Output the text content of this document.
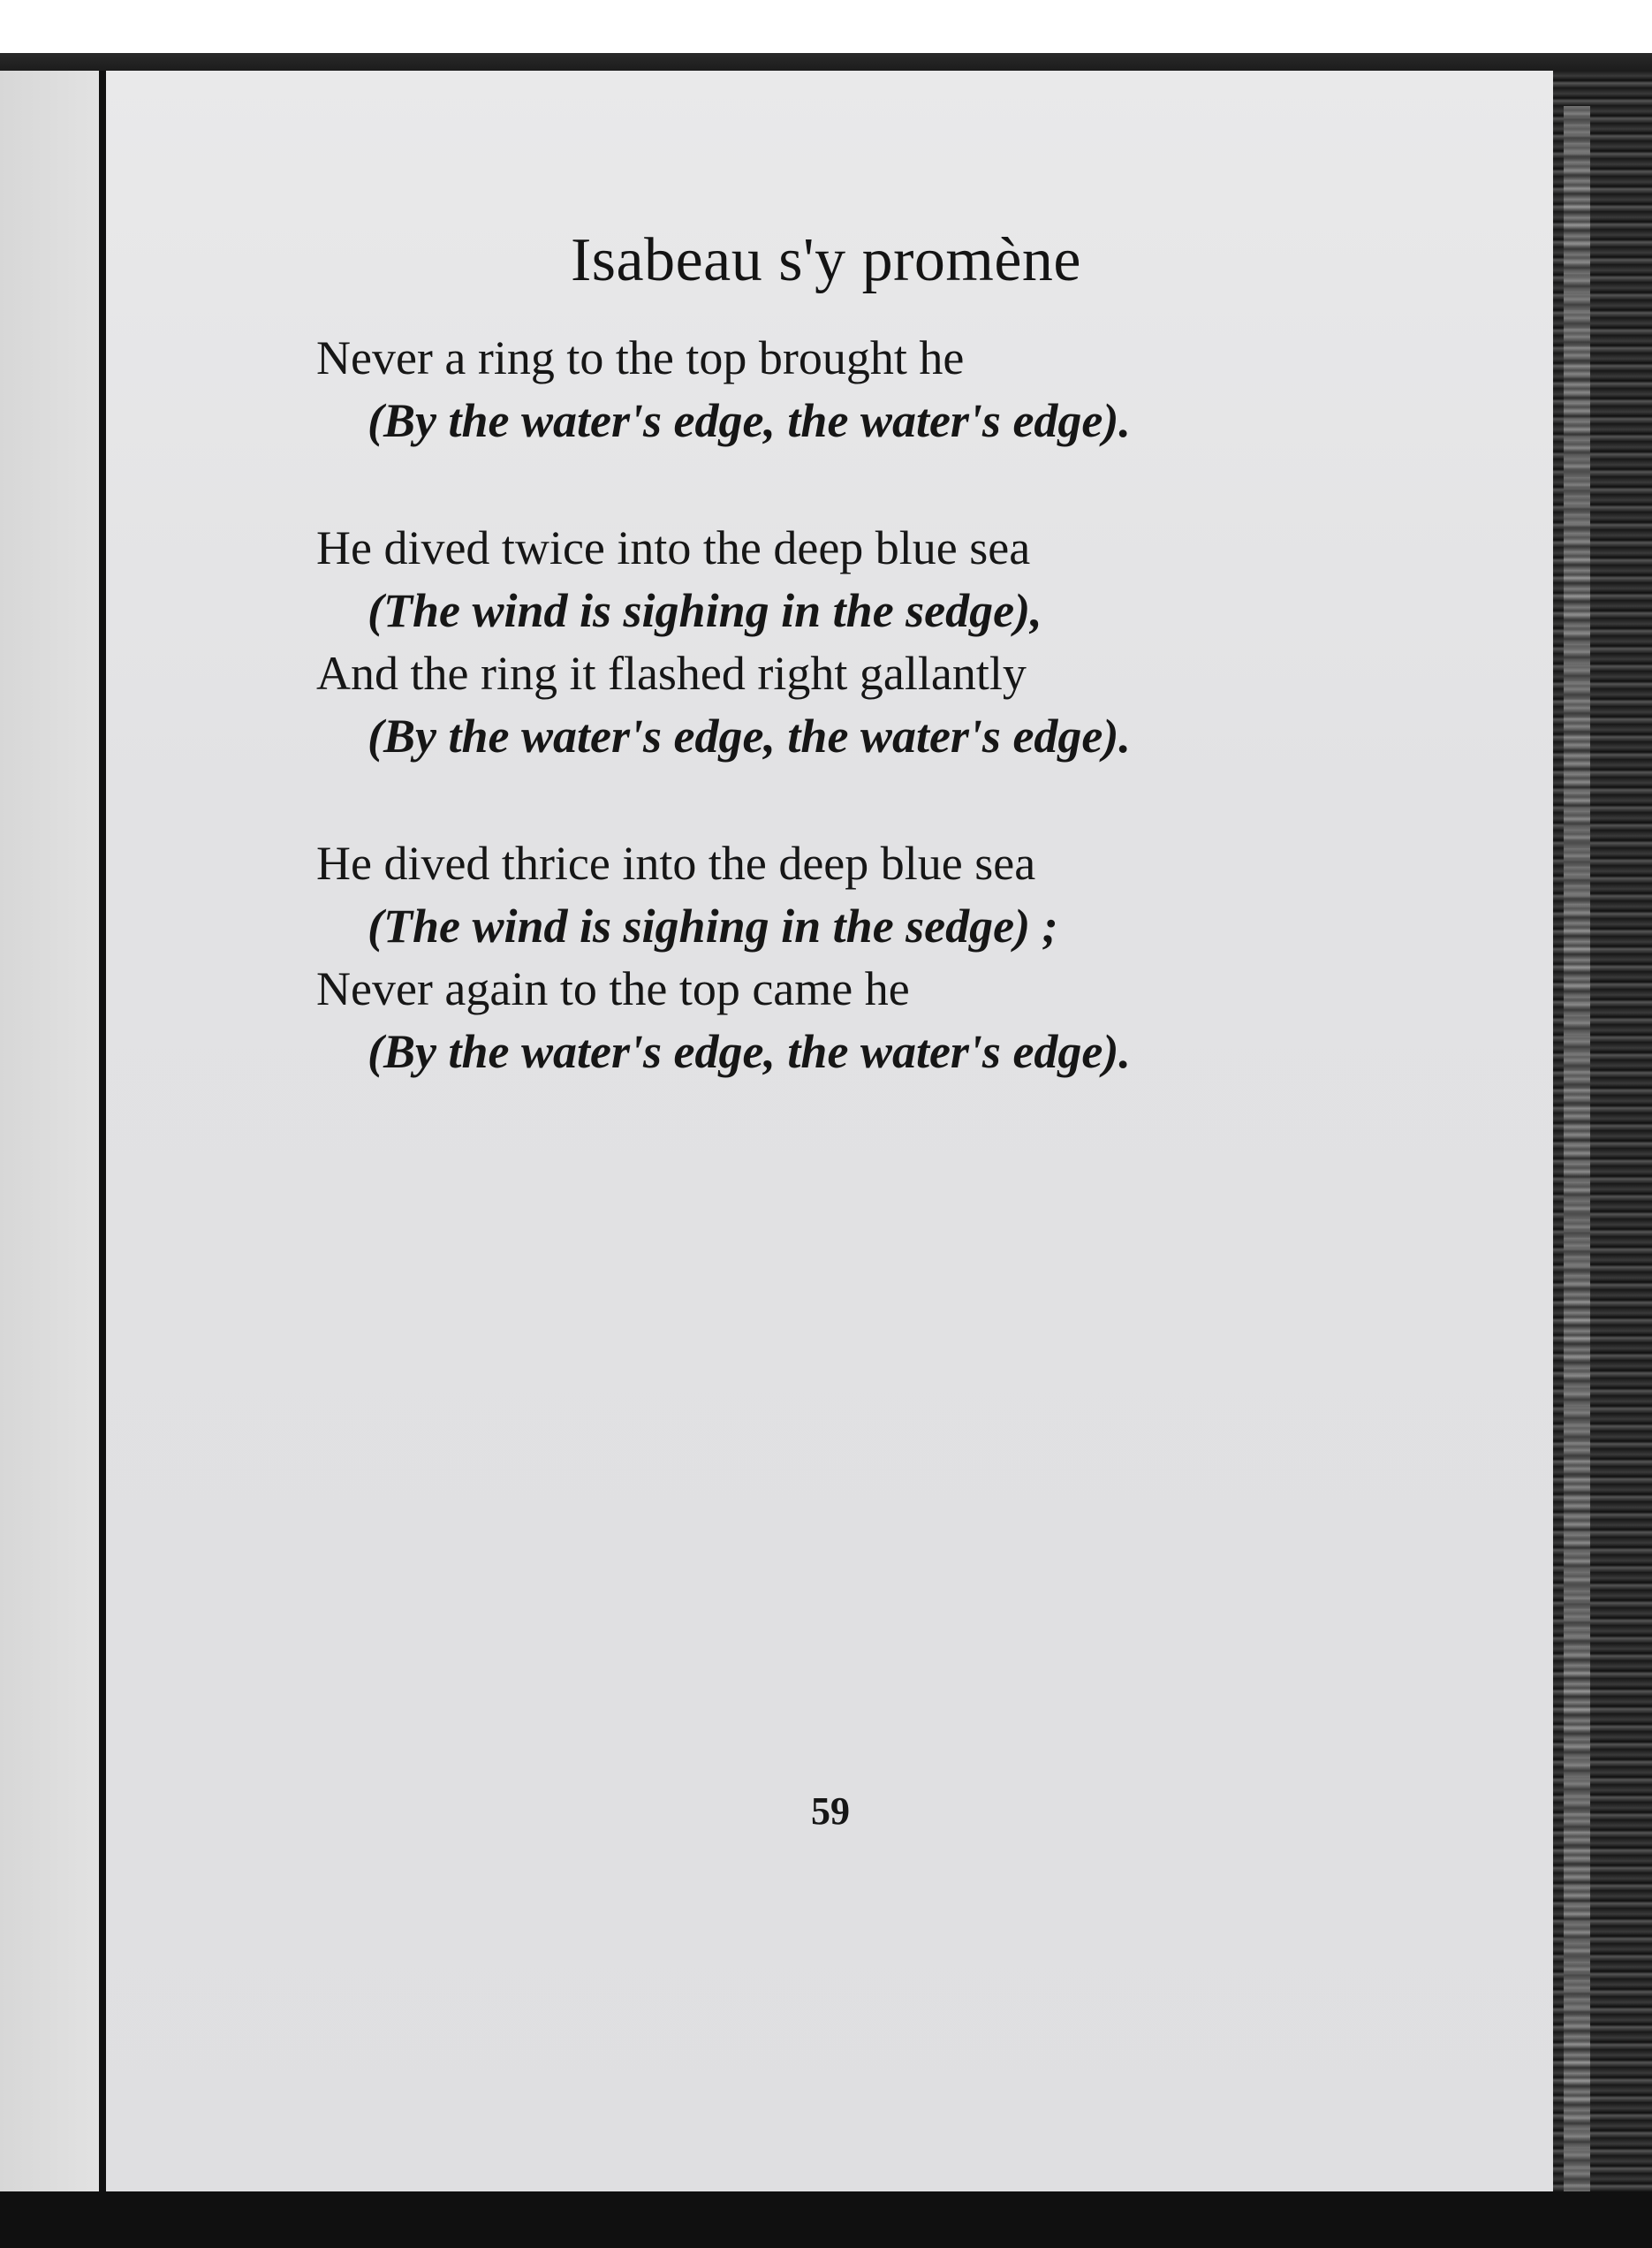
Isabeau s'y promène
Never a ring to the top brought he
(By the water's edge, the water's edge).
He dived twice into the deep blue sea
(The wind is sighing in the sedge),
And the ring it flashed right gallantly
(By the water's edge, the water's edge).
He dived thrice into the deep blue sea
(The wind is sighing in the sedge) ;
Never again to the top came he
(By the water's edge, the water's edge).
59
